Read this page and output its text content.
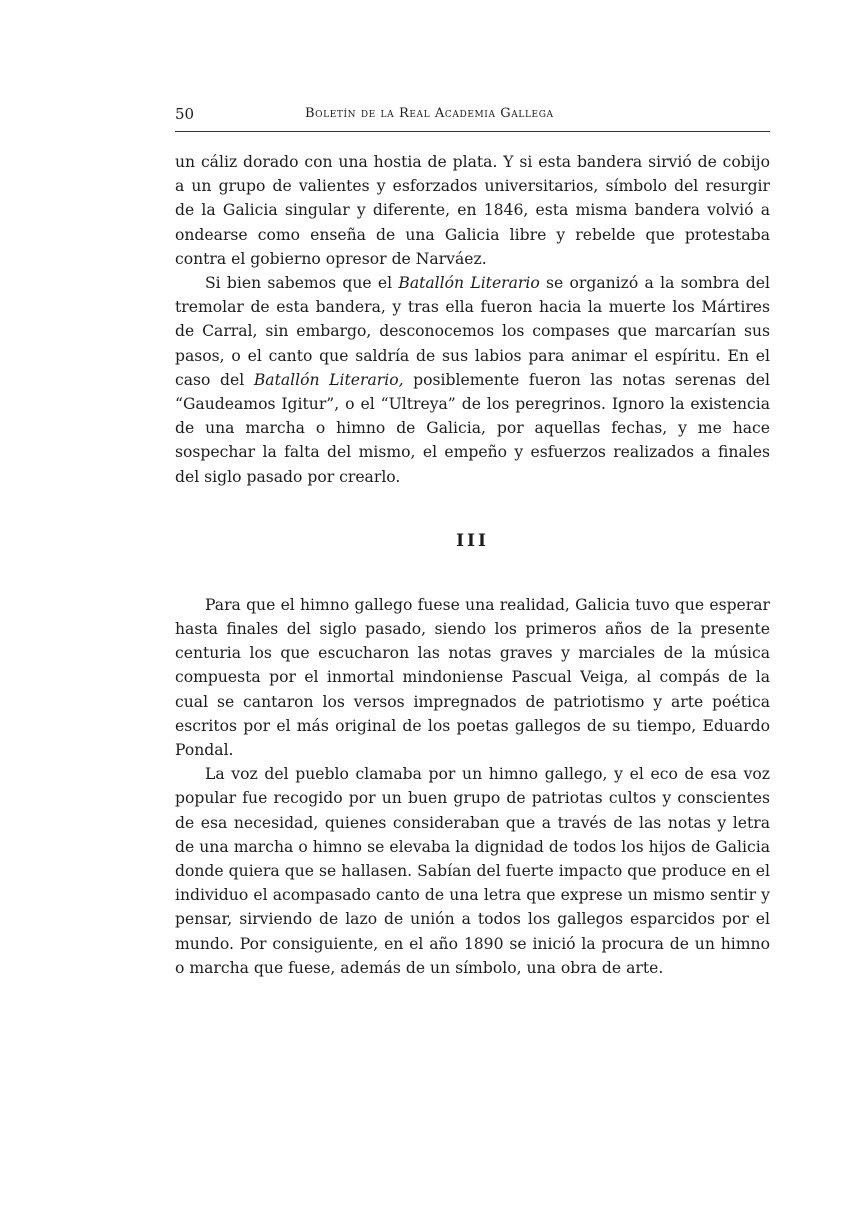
50	Boletín de la Real Academia Gallega

un cáliz dorado con una hostia de plata. Y si esta bandera sirvió de cobijo a un grupo de valientes y esforzados universitarios, símbolo del resurgir de la Galicia singular y diferente, en 1846, esta misma bandera volvió a ondearse como enseña de una Galicia libre y rebelde que protestaba contra el gobierno opresor de Narváez.

Si bien sabemos que el Batallón Literario se organizó a la sombra del tremolar de esta bandera, y tras ella fueron hacia la muerte los Mártires de Carral, sin embargo, desconocemos los compases que marcarían sus pasos, o el canto que saldría de sus labios para animar el espíritu. En el caso del Batallón Literario, posiblemente fueron las notas serenas del “Gaudeamos Igitur”, o el “Ultreya” de los peregrinos. Ignoro la existencia de una marcha o himno de Galicia, por aquellas fechas, y me hace sospechar la falta del mismo, el empeño y esfuerzos realizados a finales del siglo pasado por crearlo.

III

Para que el himno gallego fuese una realidad, Galicia tuvo que esperar hasta finales del siglo pasado, siendo los primeros años de la presente centuria los que escucharon las notas graves y marciales de la música compuesta por el inmortal mindoniense Pascual Veiga, al compás de la cual se cantaron los versos impregnados de patriotismo y arte poética escritos por el más original de los poetas gallegos de su tiempo, Eduardo Pondal.

La voz del pueblo clamaba por un himno gallego, y el eco de esa voz popular fue recogido por un buen grupo de patriotas cultos y conscientes de esa necesidad, quienes consideraban que a través de las notas y letra de una marcha o himno se elevaba la dignidad de todos los hijos de Galicia donde quiera que se hallasen. Sabían del fuerte impacto que produce en el individuo el acompasado canto de una letra que exprese un mismo sentir y pensar, sirviendo de lazo de unión a todos los gallegos esparcidos por el mundo. Por consiguiente, en el año 1890 se inició la procura de un himno o marcha que fuese, además de un símbolo, una obra de arte.
